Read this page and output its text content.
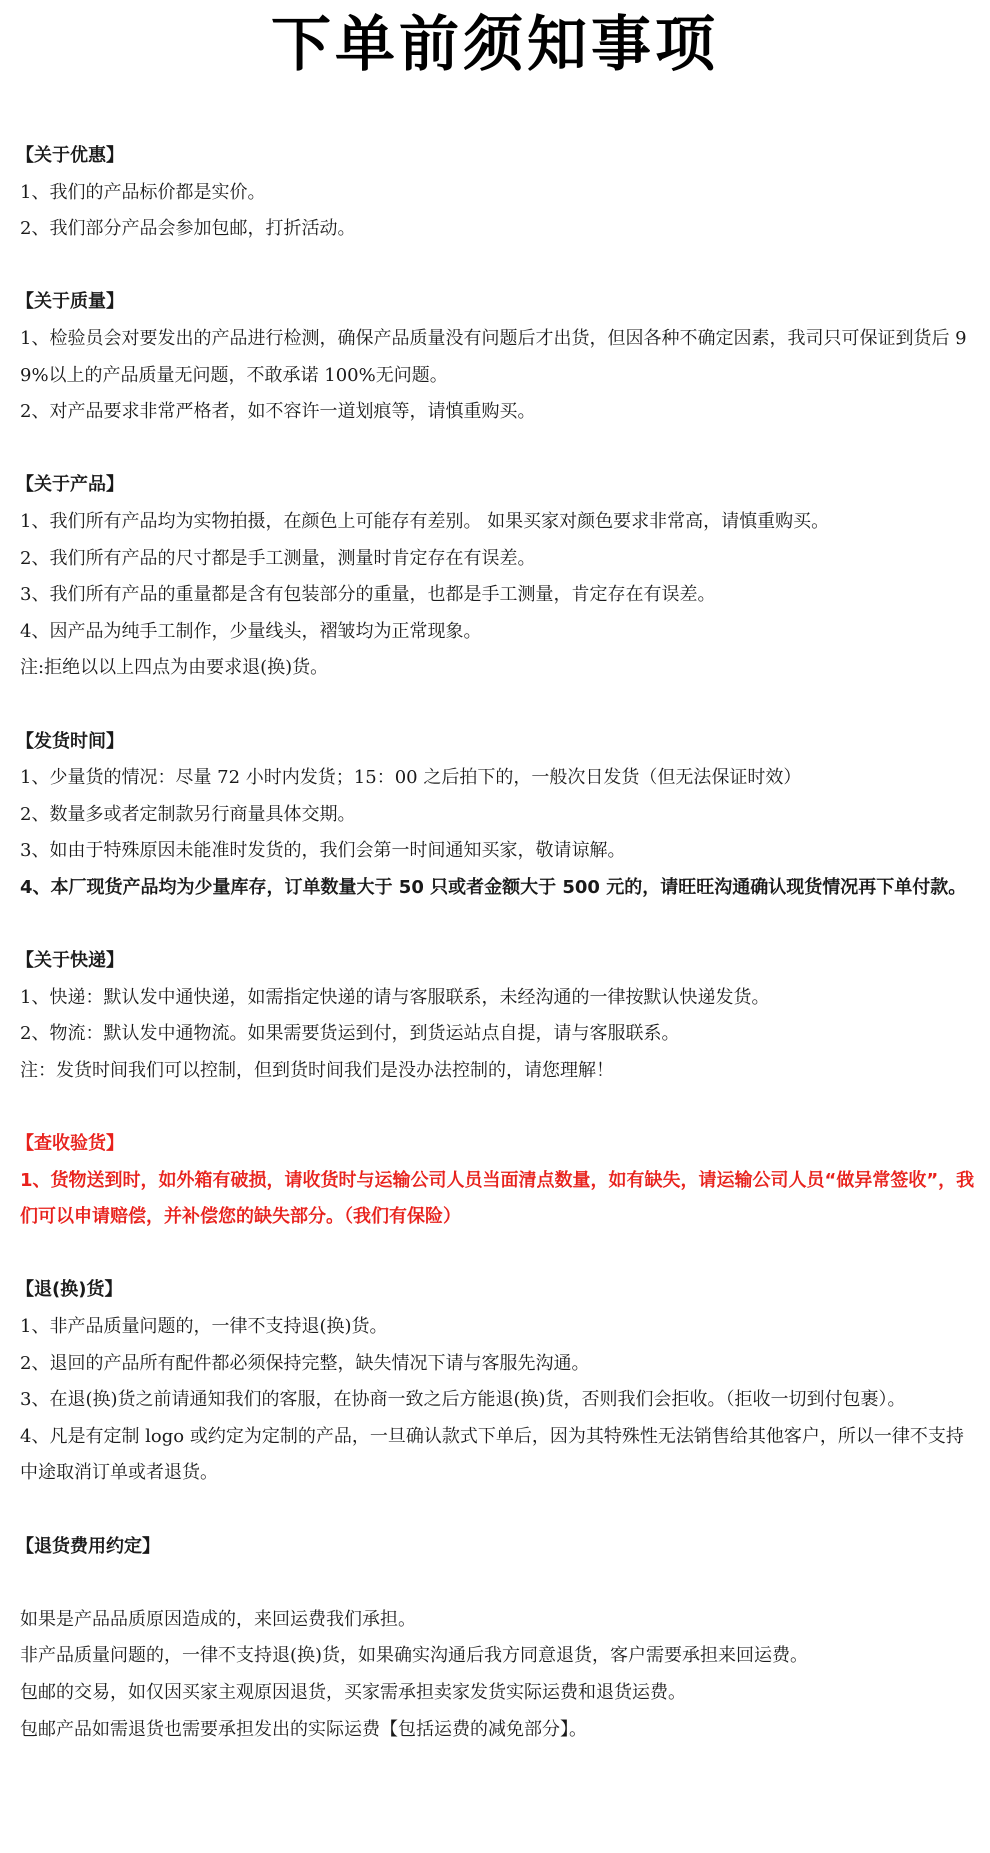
下单前须知事项
【关于优惠】
1、我们的产品标价都是实价。
2、我们部分产品会参加包邮，打折活动。
【关于质量】
1、检验员会对要发出的产品进行检测，确保产品质量没有问题后才出货，但因各种不确定因素，我司只可保证到货后 99%以上的产品质量无问题，不敢承诺 100%无问题。
2、对产品要求非常严格者，如不容许一道划痕等，请慎重购买。
【关于产品】
1、我们所有产品均为实物拍摄，在颜色上可能存有差别。 如果买家对颜色要求非常高，请慎重购买。
2、我们所有产品的尺寸都是手工测量，测量时肯定存在有误差。
3、我们所有产品的重量都是含有包装部分的重量，也都是手工测量，肯定存在有误差。
4、因产品为纯手工制作，少量线头，褶皱均为正常现象。
注:拒绝以以上四点为由要求退(换)货。
【发货时间】
1、少量货的情况：尽量 72 小时内发货；15：00 之后拍下的，一般次日发货（但无法保证时效）
2、数量多或者定制款另行商量具体交期。
3、如由于特殊原因未能准时发货的，我们会第一时间通知买家，敬请谅解。
4、本厂现货产品均为少量库存，订单数量大于 50 只或者金额大于 500 元的，请旺旺沟通确认现货情况再下单付款。
【关于快递】
1、快递：默认发中通快递，如需指定快递的请与客服联系，未经沟通的一律按默认快递发货。
2、物流：默认发中通物流。如果需要货运到付，到货运站点自提，请与客服联系。
注：发货时间我们可以控制，但到货时间我们是没办法控制的，请您理解！
【查收验货】
1、货物送到时，如外箱有破损，请收货时与运输公司人员当面清点数量，如有缺失，请运输公司人员“做异常签收”，我们可以申请赔偿，并补偿您的缺失部分。（我们有保险）
【退(换)货】
1、非产品质量问题的，一律不支持退(换)货。
2、退回的产品所有配件都必须保持完整，缺失情况下请与客服先沟通。
3、在退(换)货之前请通知我们的客服，在协商一致之后方能退(换)货，否则我们会拒收。（拒收一切到付包裹）。
4、凡是有定制 logo 或约定为定制的产品，一旦确认款式下单后，因为其特殊性无法销售给其他客户，所以一律不支持中途取消订单或者退货。
【退货费用约定】
如果是产品品质原因造成的，来回运费我们承担。
非产品质量问题的，一律不支持退(换)货，如果确实沟通后我方同意退货，客户需要承担来回运费。
包邮的交易，如仅因买家主观原因退货，买家需承担卖家发货实际运费和退货运费。
包邮产品如需退货也需要承担发出的实际运费【包括运费的减免部分】。
